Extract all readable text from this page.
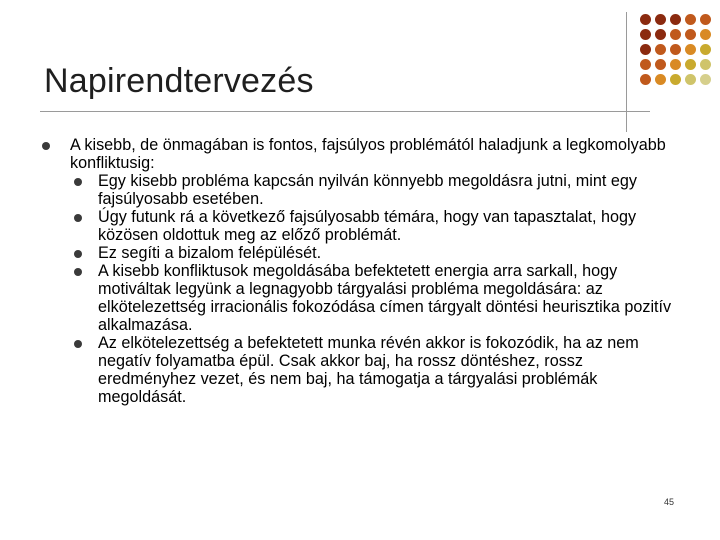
Napirendtervezés
A kisebb, de önmagában is fontos, fajsúlyos problémától haladjunk a legkomolyabb konfliktusig:
Egy kisebb probléma kapcsán nyilván könnyebb megoldásra jutni, mint egy fajsúlyosabb esetében.
Úgy futunk rá a következő fajsúlyosabb témára, hogy van tapasztalat, hogy közösen oldottuk meg az előző problémát.
Ez segíti a bizalom felépülését.
A kisebb konfliktusok megoldásába befektetett energia arra sarkall, hogy motiváltak legyünk a legnagyobb tárgyalási probléma megoldására: az elkötelezettség irracionális fokozódása címen tárgyalt döntési heurisztika pozitív alkalmazása.
Az elkötelezettség a befektetett munka révén akkor is fokozódik, ha az nem negatív folyamatba épül. Csak akkor baj, ha rossz döntéshez, rossz eredményhez vezet, és nem baj, ha támogatja a tárgyalási problémák megoldását.
45
